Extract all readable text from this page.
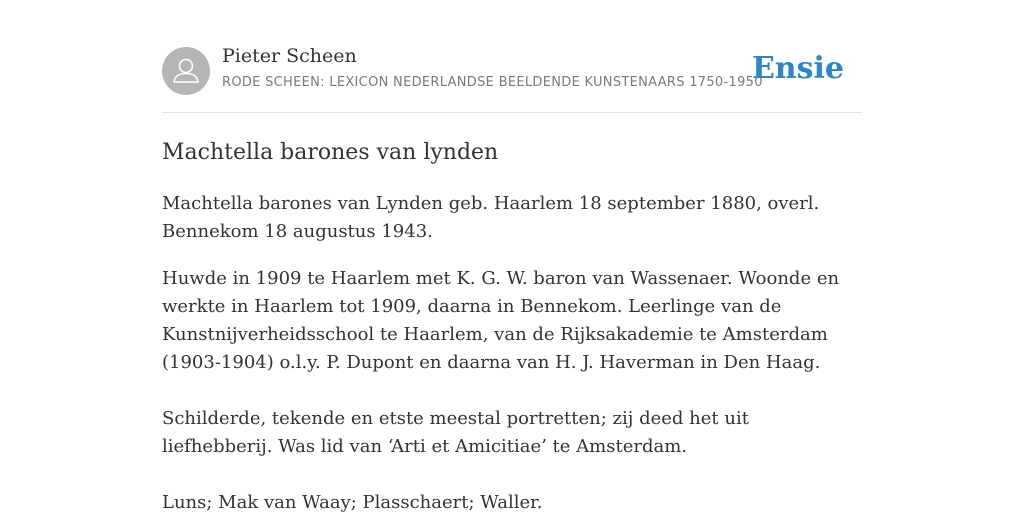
Pieter Scheen
RODE SCHEEN: LEXICON NEDERLANDSE BEELDENDE KUNSTENAARS 1750-1950
Ensie
Machtella barones van lynden

Machtella barones van Lynden geb. Haarlem 18 september 1880, overl. Bennekom 18 augustus 1943.

Huwde in 1909 te Haarlem met K. G. W. baron van Wassenaer. Woonde en werkte in Haarlem tot 1909, daarna in Bennekom. Leerlinge van de Kunstnijverheidsschool te Haarlem, van de Rijksakademie te Amsterdam (1903-1904) o.l.y. P. Dupont en daarna van H. J. Haverman in Den Haag.

Schilderde, tekende en etste meestal portretten; zij deed het uit liefhebberij. Was lid van ‘Arti et Amicitiae’ te Amsterdam.

Luns; Mak van Waay; Plasschaert; Waller.
